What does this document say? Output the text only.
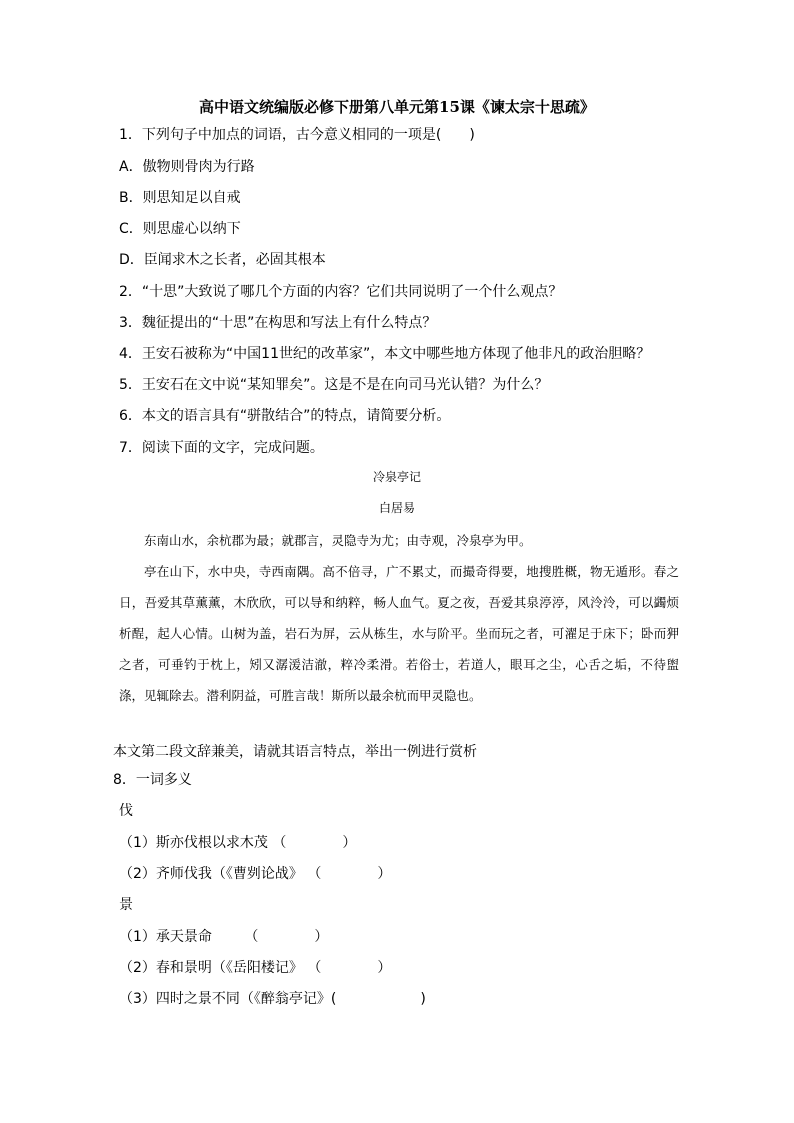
高中语文统编版必修下册第八单元第15课《谏太宗十思疏》
1．下列句子中加点的词语，古今意义相同的一项是(　　)
A．傲物则骨肉为行路
B．则思知足以自戒
C．则思虚心以纳下
D．臣闻求木之长者，必固其根本
2．“十思”大致说了哪几个方面的内容？它们共同说明了一个什么观点？
3．魏征提出的“十思”在构思和写法上有什么特点？
4．王安石被称为“中国11世纪的改革家”，本文中哪些地方体现了他非凡的政治胆略？
5．王安石在文中说“某知罪矣”。这是不是在向司马光认错？为什么？
6．本文的语言具有“骈散结合”的特点，请简要分析。
7．阅读下面的文字，完成问题。
冷泉亭记
白居易

东南山水，余杭郡为最；就郡言，灵隐寺为尤；由寺观，冷泉亭为甲。

亭在山下，水中央，寺西南隅。高不倍寻，广不累丈，而撮奇得要，地搜胜概，物无遁形。春之日，吾爱其草薰薰，木欣欣，可以导和纳粹，畅人血气。夏之夜，吾爱其泉渟渟，风泠泠，可以蠲烦析酲，起人心情。山树为盖，岩石为屏，云从栋生，水与阶平。坐而玩之者，可濯足于床下；卧而狎之者，可垂钓于枕上，矧又潺湲洁澈，粹冷柔滑。若俗士，若道人，眼耳之尘，心舌之垢，不待盥涤，见辄除去。潜利阴益，可胜言哉！斯所以最余杭而甲灵隐也。

本文第二段文辞兼美，请就其语言特点，举出一例进行赏析
8．一词多义
伐
（1）斯亦伐根以求木茂 （　　　　）
（2）齐师伐我（《曹刿论战》 （　　　　）
景
（1）承天景命　　 （　　　　）
（2）春和景明（《岳阳楼记》 （　　　　）
（3）四时之景不同（《醉翁亭记》(　　　　　　)
